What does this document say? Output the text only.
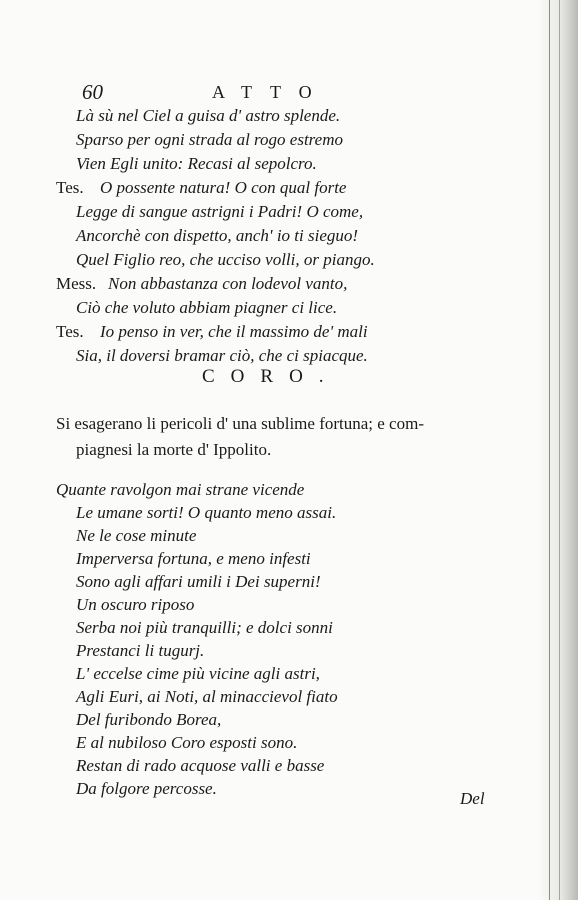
60	ATTO
Là sù nel Ciel a guisa d' astro splende.
Sparso per ogni strada al rogo estremo
Vien Egli unito: Recasi al sepolcro.
Tes. O possente natura! O con qual forte
Legge di sangue astrigni i Padri! O come,
Ancorchè con dispetto, anch' io ti sieguo!
Quel Figlio reo, che ucciso volli, or piango.
Mess. Non abbastanza con lodevol vanto,
Ciò che voluto abbiam piagner ci lice.
Tes. Io penso in ver, che il massimo de' mali
Sia, il doversi bramar ciò, che ci spiacque.
CORO.
Si esagerano li pericoli d' una sublime fortuna; e com-
piagnesi la morte d' Ippolito.
Quante ravolgon mai strane vicende
Le umane sorti! O quanto meno assai.
Ne le cose minute
Imperversa fortuna, e meno infesti
Sono agli affari umili i Dei superni!
Un oscuro riposo
Serba noi più tranquilli; e dolci sonni
Prestanci li tugurj.
L' eccelse cime più vicine agli astri,
Agli Euri, ai Noti, al minaccievol fiato
Del furibondo Borea,
E al nubiloso Coro esposti sono.
Restan di rado acquose valli e basse
Da folgore percosse.
Del
